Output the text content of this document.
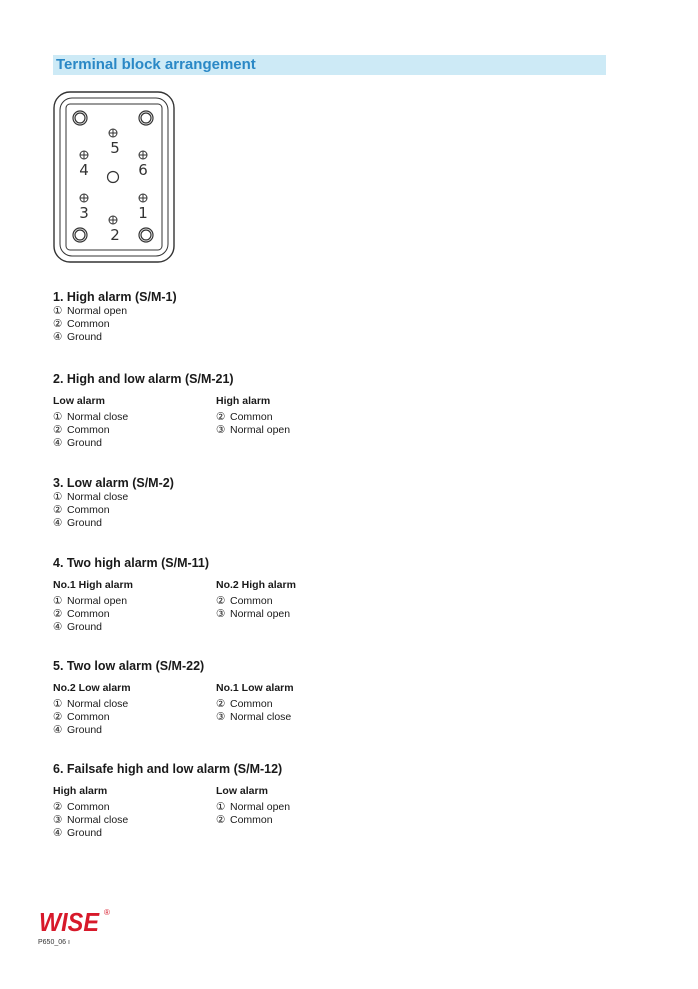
Terminal block arrangement
5
4	6
3	1
2
1. High alarm (S/M-1)
① Normal open
② Common
④ Ground
2. High and low alarm (S/M-21)
Low alarm
① Normal close
② Common
④ Ground
High alarm
② Common
③ Normal open
3. Low alarm (S/M-2)
① Normal close
② Common
④ Ground
4. Two high alarm (S/M-11)
No.1 High alarm
① Normal open
② Common
④ Ground
No.2 High alarm
② Common
③ Normal open
5. Two low alarm (S/M-22)
No.2 Low alarm
① Normal close
② Common
④ Ground
No.1 Low alarm
② Common
③ Normal close
6. Failsafe high and low alarm (S/M-12)
High alarm
② Common
③ Normal close
④ Ground
Low alarm
① Normal open
② Common
WISE ®
P650_06 ı
